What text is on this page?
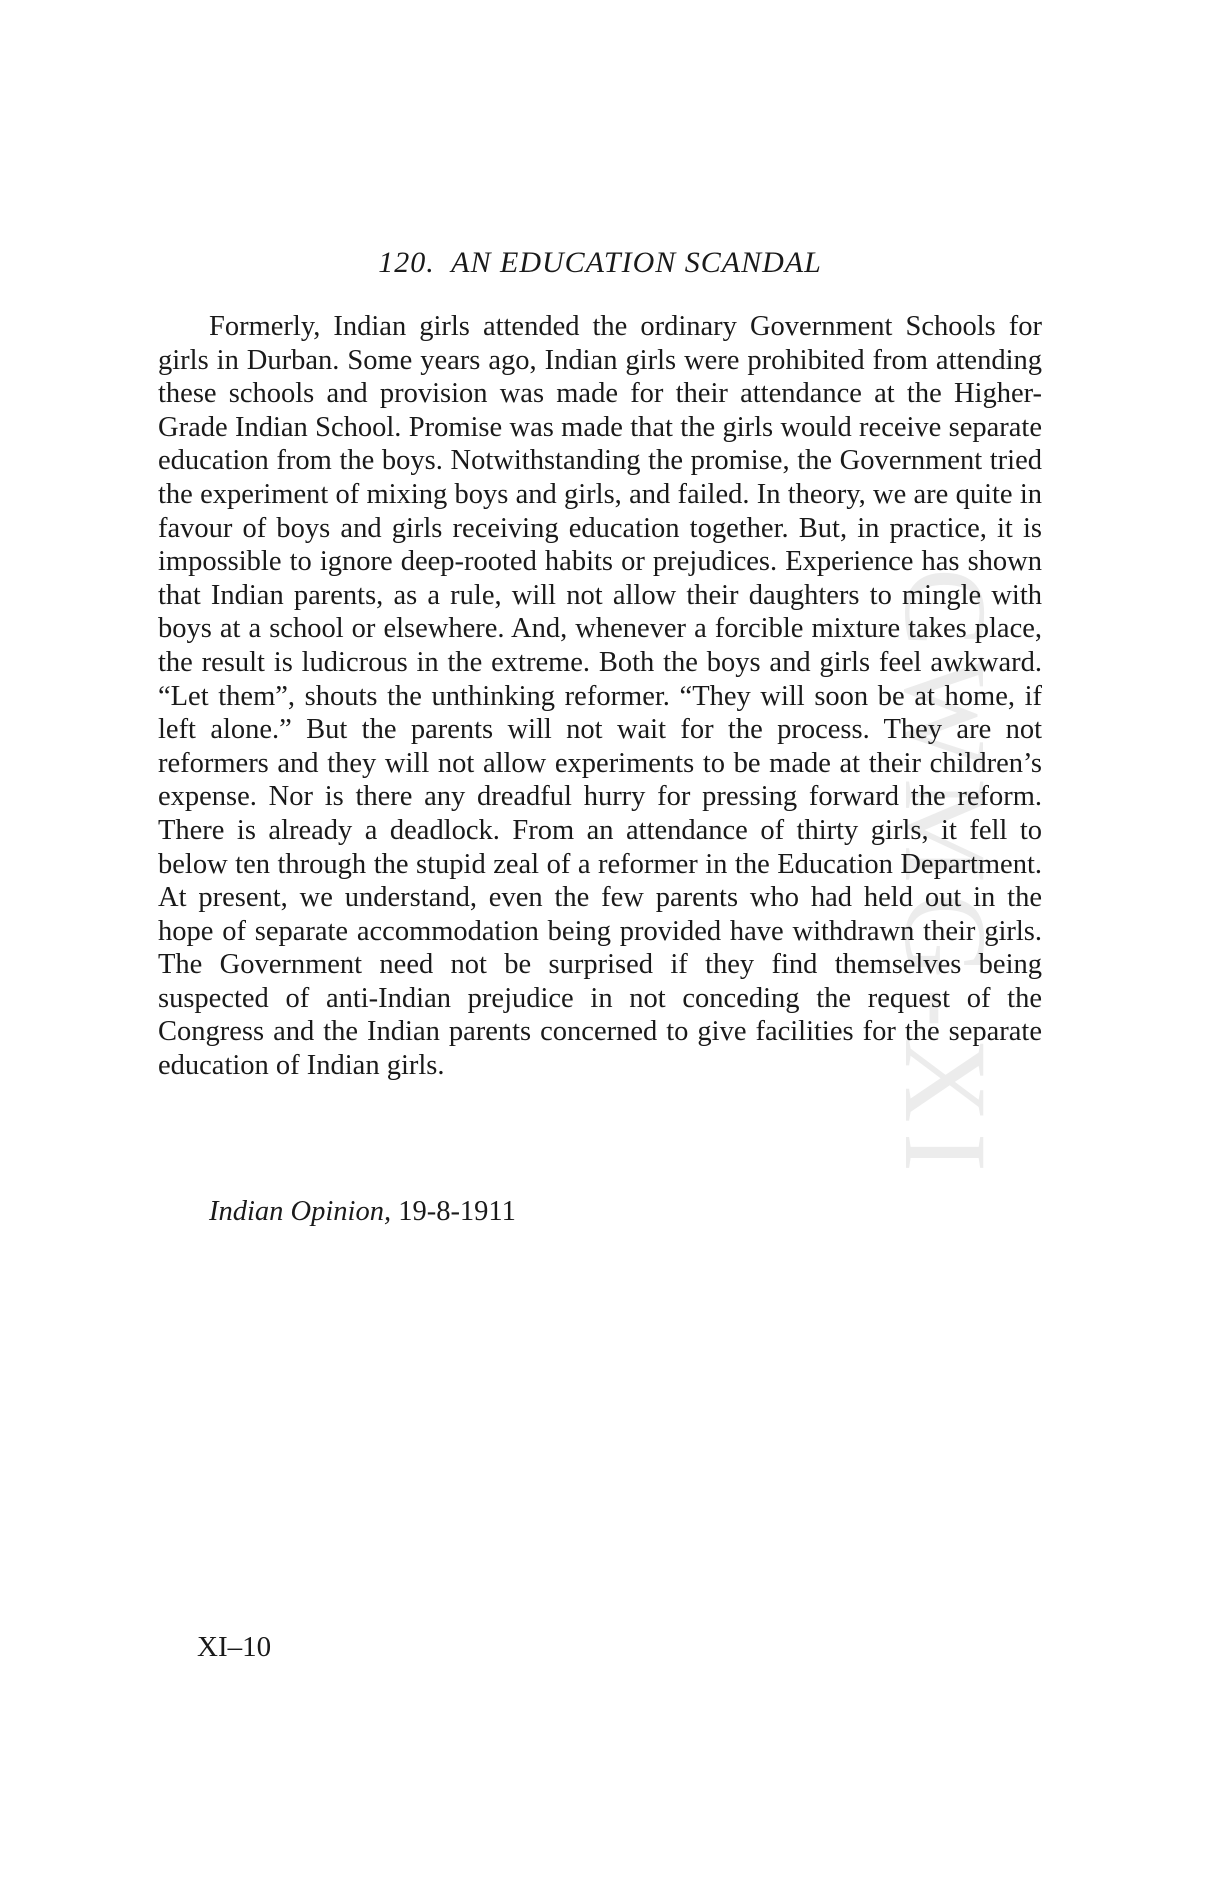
CWMG-XI
120.  AN EDUCATION SCANDAL

Formerly, Indian girls attended the ordinary Government Schools for girls in Durban. Some years ago, Indian girls were prohibited from attending these schools and provision was made for their attendance at the Higher-Grade Indian School. Promise was made that the girls would receive separate education from the boys. Notwithstanding the promise, the Government tried the experiment of mixing boys and girls, and failed. In theory, we are quite in favour of boys and girls receiving education together. But, in practice, it is impossible to ignore deep-rooted habits or prejudices. Experience has shown that Indian parents, as a rule, will not allow their daughters to mingle with boys at a school or elsewhere. And, whenever a forcible mixture takes place, the result is ludicrous in the extreme. Both the boys and girls feel awkward. “Let them”, shouts the unthinking reformer. “They will soon be at home, if left alone.” But the parents will not wait for the process. They are not reformers and they will not allow experiments to be made at their children’s expense. Nor is there any dreadful hurry for pressing forward the reform. There is already a deadlock. From an attendance of thirty girls, it fell to below ten through the stupid zeal of a reformer in the Education Department. At present, we understand, even the few parents who had held out in the hope of separate accommodation being provided have withdrawn their girls. The Government need not be surprised if they find themselves being suspected of anti-Indian prejudice in not conceding the request of the Congress and the Indian parents concerned to give facilities for the separate education of Indian girls.

Indian Opinion, 19-8-1911
XI–10
